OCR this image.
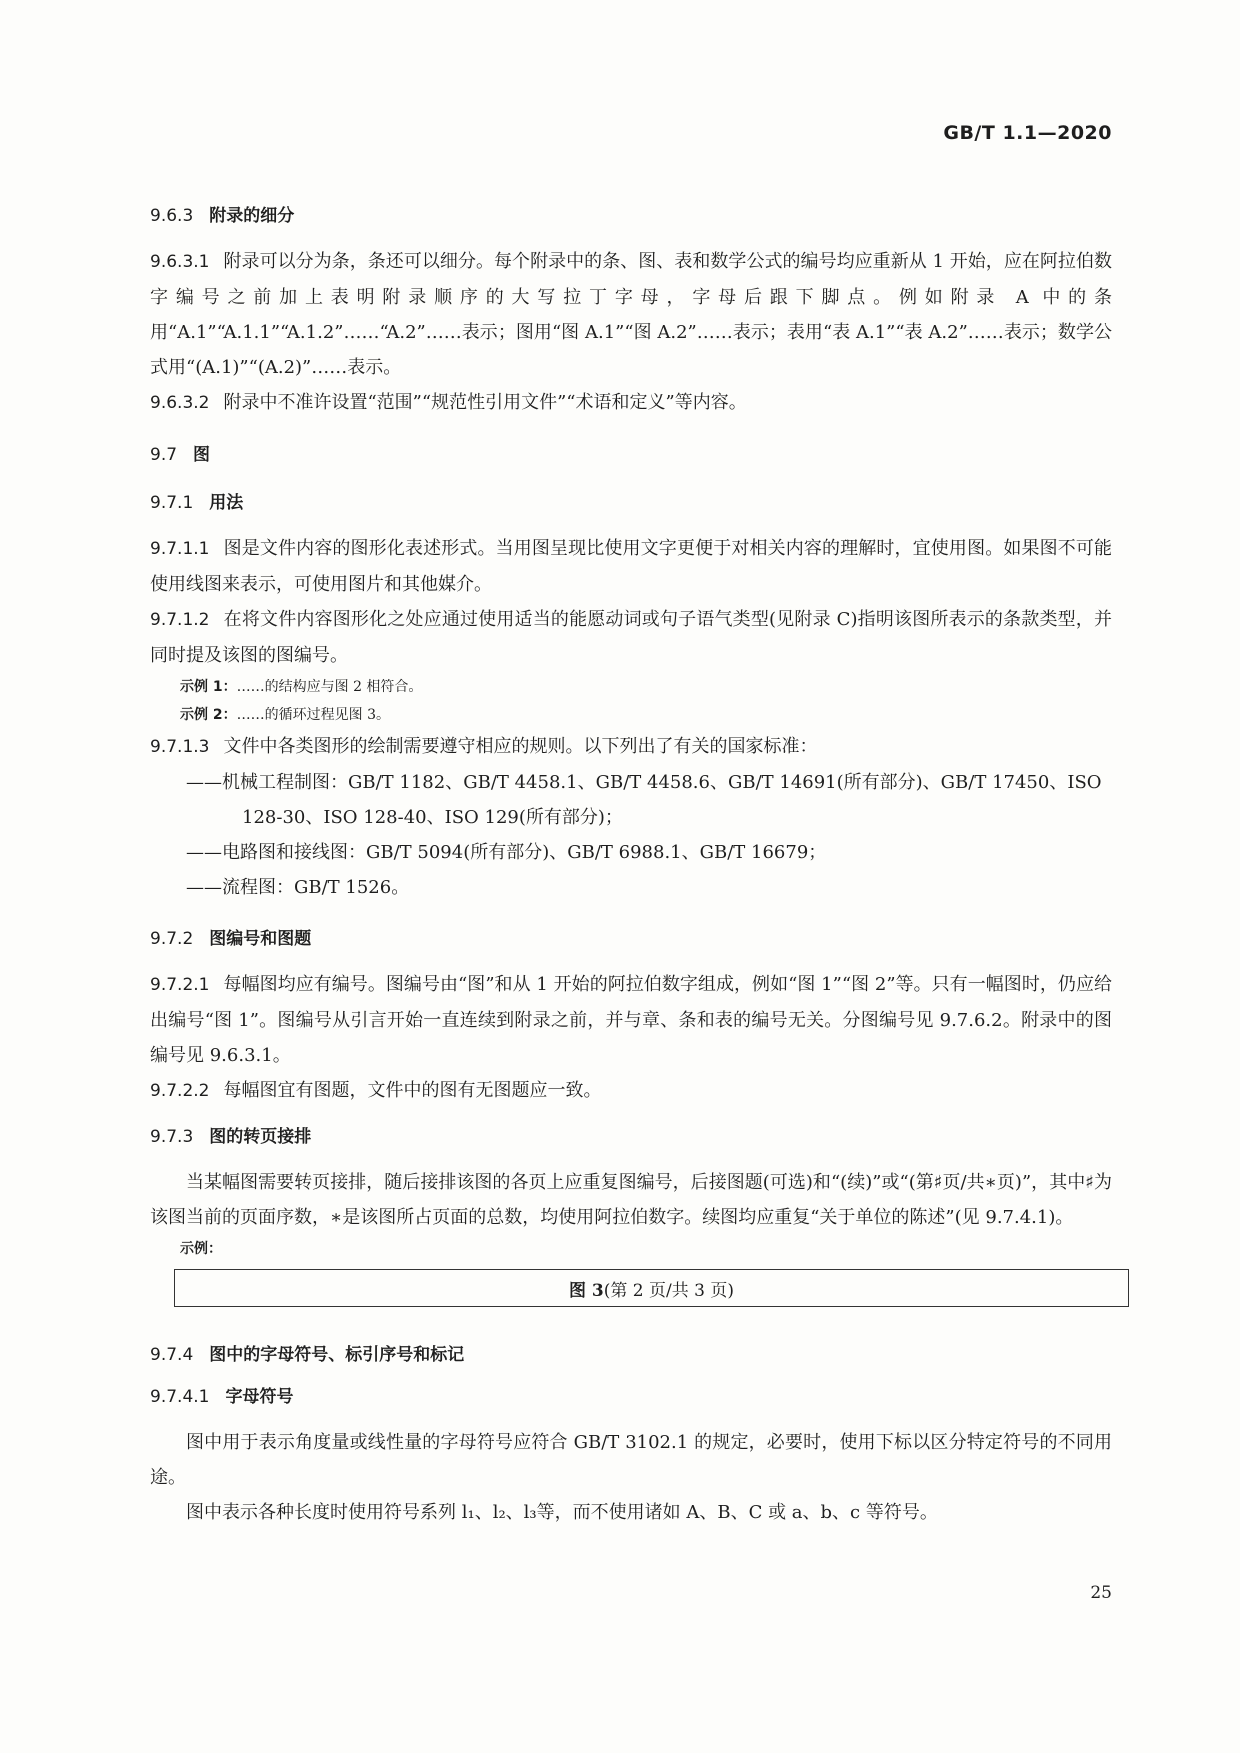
GB/T 1.1—2020
9.6.3 附录的细分

9.6.3.1 附录可以分为条，条还可以细分。每个附录中的条、图、表和数学公式的编号均应重新从 1 开始，应在阿拉伯数字编号之前加上表明附录顺序的大写拉丁字母，字母后跟下脚点。例如附录 A 中的条用“A.1”“A.1.1”“A.1.2”……“A.2”……表示；图用“图 A.1”“图 A.2”……表示；表用“表 A.1”“表 A.2”……表示；数学公式用“(A.1)”“(A.2)”……表示。

9.6.3.2 附录中不准许设置“范围”“规范性引用文件”“术语和定义”等内容。

9.7 图
9.7.1 用法

9.7.1.1 图是文件内容的图形化表述形式。当用图呈现比使用文字更便于对相关内容的理解时，宜使用图。如果图不可能使用线图来表示，可使用图片和其他媒介。

9.7.1.2 在将文件内容图形化之处应通过使用适当的能愿动词或句子语气类型(见附录 C)指明该图所表示的条款类型，并同时提及该图的图编号。

示例 1：……的结构应与图 2 相符合。

示例 2：……的循环过程见图 3。

9.7.1.3 文件中各类图形的绘制需要遵守相应的规则。以下列出了有关的国家标准：

——机械工程制图：GB/T 1182、GB/T 4458.1、GB/T 4458.6、GB/T 14691(所有部分)、GB/T 17450、ISO 128-30、ISO 128-40、ISO 129(所有部分)；

——电路图和接线图：GB/T 5094(所有部分)、GB/T 6988.1、GB/T 16679；

——流程图：GB/T 1526。

9.7.2 图编号和图题

9.7.2.1 每幅图均应有编号。图编号由“图”和从 1 开始的阿拉伯数字组成，例如“图 1”“图 2”等。只有一幅图时，仍应给出编号“图 1”。图编号从引言开始一直连续到附录之前，并与章、条和表的编号无关。分图编号见 9.7.6.2。附录中的图编号见 9.6.3.1。

9.7.2.2 每幅图宜有图题，文件中的图有无图题应一致。

9.7.3 图的转页接排

当某幅图需要转页接排，随后接排该图的各页上应重复图编号，后接图题(可选)和“(续)”或“(第♯页/共∗页)”，其中♯为该图当前的页面序数，∗是该图所占页面的总数，均使用阿拉伯数字。续图均应重复“关于单位的陈述”(见 9.7.4.1)。

示例：

图 3 (第 2 页/共 3 页)
9.7.4 图中的字母符号、标引序号和标记
9.7.4.1 字母符号

图中用于表示角度量或线性量的字母符号应符合 GB/T 3102.1 的规定，必要时，使用下标以区分特定符号的不同用途。

图中表示各种长度时使用符号系列 l₁、l₂、l₃等，而不使用诸如 A、B、C 或 a、b、c 等符号。

25
